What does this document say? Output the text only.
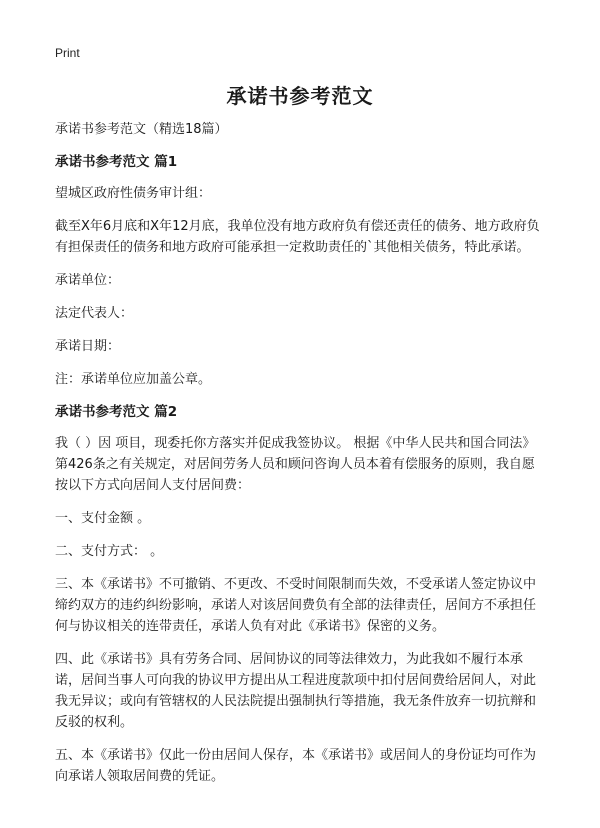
Print
承诺书参考范文

承诺书参考范文（精选18篇）

承诺书参考范文 篇1

望城区政府性债务审计组：

截至X年6月底和X年12月底，我单位没有地方政府负有偿还责任的债务、地方政府负有担保责任的债务和地方政府可能承担一定救助责任的`其他相关债务，特此承诺。

承诺单位：

法定代表人：

承诺日期：

注：承诺单位应加盖公章。

承诺书参考范文 篇2

我（ ）因 项目，现委托你方落实并促成我签协议。 根据《中华人民共和国合同法》第426条之有关规定，对居间劳务人员和顾问咨询人员本着有偿服务的原则，我自愿按以下方式向居间人支付居间费：

一、支付金额 。

二、支付方式： 。

三、本《承诺书》不可撤销、不更改、不受时间限制而失效，不受承诺人签定协议中缔约双方的违约纠纷影响，承诺人对该居间费负有全部的法律责任，居间方不承担任何与协议相关的连带责任，承诺人负有对此《承诺书》保密的义务。

四、此《承诺书》具有劳务合同、居间协议的同等法律效力，为此我如不履行本承诺，居间当事人可向我的协议甲方提出从工程进度款项中扣付居间费给居间人，对此我无异议；或向有管辖权的人民法院提出强制执行等措施，我无条件放弃一切抗辩和反驳的权利。

五、本《承诺书》仅此一份由居间人保存，本《承诺书》或居间人的身份证均可作为向承诺人领取居间费的凭证。
